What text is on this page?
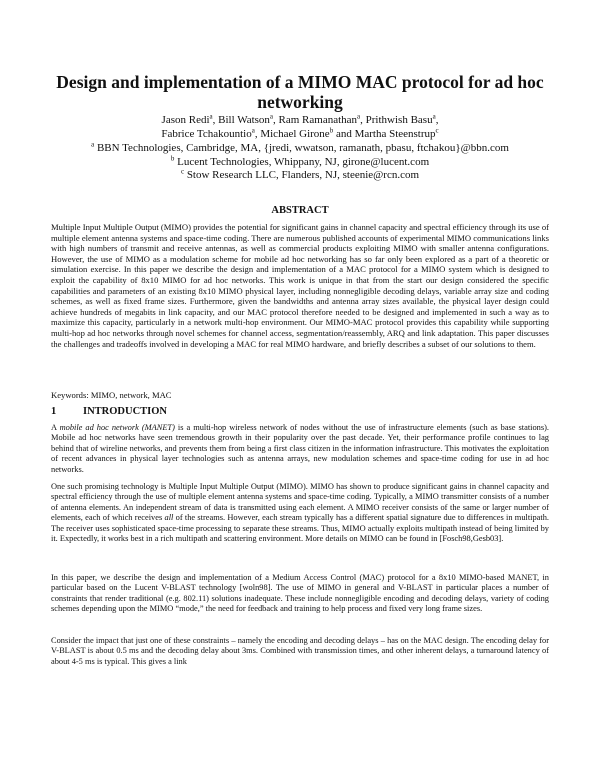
Design and implementation of a MIMO MAC protocol for ad hoc networking
Jason Redi$^a$, Bill Watson$^a$, Ram Ramanathan$^a$, Prithwish Basu$^a$,
Fabrice Tchakountio$^a$, Michael Girone$^b$ and Martha Steenstrup$^c$
$^a$ BBN Technologies, Cambridge, MA, {jredi, wwatson, ramanath, pbasu, ftchakou}@bbn.com
$^b$ Lucent Technologies, Whippany, NJ, girone@lucent.com
$^c$ Stow Research LLC, Flanders, NJ, steenie@rcn.com
ABSTRACT
Multiple Input Multiple Output (MIMO) provides the potential for significant gains in channel capacity and spectral efficiency through its use of multiple element antenna systems and space-time coding. There are numerous published accounts of experimental MIMO communications links with high numbers of transmit and receive antennas, as well as commercial products exploiting MIMO with smaller antenna configurations. However, the use of MIMO as a modulation scheme for mobile ad hoc networking has so far only been explored as a part of a theoretic or simulation exercise. In this paper we describe the design and implementation of a MAC protocol for a MIMO system which is designed to exploit the capability of 8x10 MIMO for ad hoc networks. This work is unique in that from the start our design considered the specific capabilities and parameters of an existing 8x10 MIMO physical layer, including nonnegligible decoding delays, variable array size and coding schemes, as well as fixed frame sizes. Furthermore, given the bandwidths and antenna array sizes available, the physical layer design could achieve hundreds of megabits in link capacity, and our MAC protocol therefore needed to be designed and implemented in such a way as to maximize this capacity, particularly in a network multi-hop environment. Our MIMO-MAC protocol provides this capability while supporting multi-hop ad hoc networks through novel schemes for channel access, segmentation/reassembly, ARQ and link adaptation. This paper discusses the challenges and tradeoffs involved in developing a MAC for real MIMO hardware, and briefly describes a subset of our solutions to them.
Keywords: MIMO, network, MAC
1	INTRODUCTION
A mobile ad hoc network (MANET) is a multi-hop wireless network of nodes without the use of infrastructure elements (such as base stations). Mobile ad hoc networks have seen tremendous growth in their popularity over the past decade. Yet, their performance profile continues to lag behind that of wireline networks, and prevents them from being a first class citizen in the information infrastructure. This motivates the exploitation of recent advances in physical layer technologies such as antenna arrays, new modulation schemes and space-time coding for use in ad hoc networks.
One such promising technology is Multiple Input Multiple Output (MIMO). MIMO has shown to produce significant gains in channel capacity and spectral efficiency through the use of multiple element antenna systems and space-time coding. Typically, a MIMO transmitter consists of a number of antenna elements. An independent stream of data is transmitted using each element. A MIMO receiver consists of the same or larger number of elements, each of which receives all of the streams. However, each stream typically has a different spatial signature due to differences in multipath. The receiver uses sophisticated space-time processing to separate these streams. Thus, MIMO actually exploits multipath instead of being limited by it. Expectedly, it works best in a rich multipath and scattering environment. More details on MIMO can be found in [Fosch98,Gesb03].
In this paper, we describe the design and implementation of a Medium Access Control (MAC) protocol for a 8x10 MIMO-based MANET, in particular based on the Lucent V-BLAST technology [woln98]. The use of MIMO in general and V-BLAST in particular places a number of constraints that render traditional (e.g. 802.11) solutions inadequate. These include nonnegligible encoding and decoding delays, variety of coding schemes depending upon the MIMO “mode,” the need for feedback and training to help process and fixed very long frame sizes.
Consider the impact that just one of these constraints – namely the encoding and decoding delays – has on the MAC design. The encoding delay for V-BLAST is about 0.5 ms and the decoding delay about 3ms. Combined with transmission times, and other inherent delays, a turnaround latency of about 4-5 ms is typical. This gives a link
